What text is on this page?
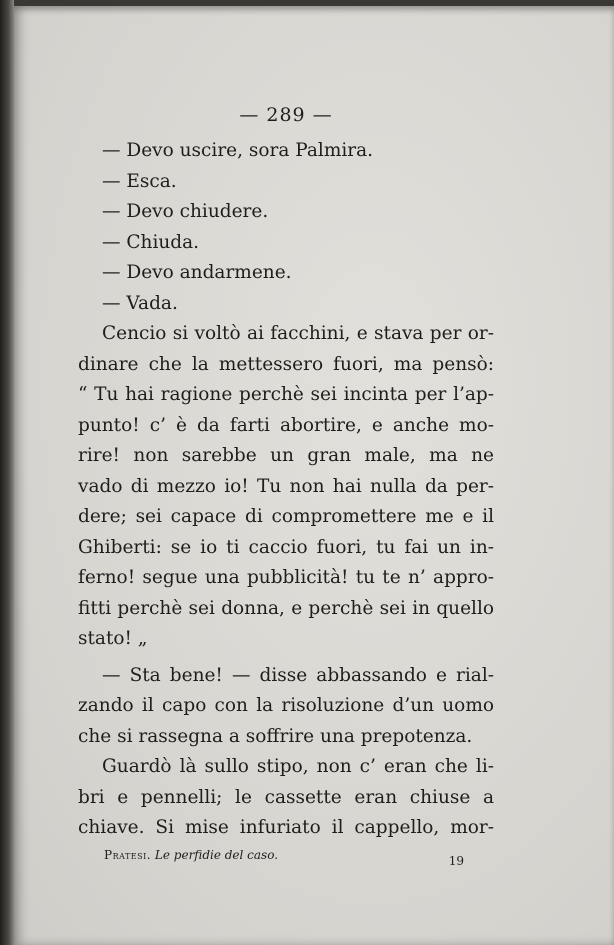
— 289 —
— Devo uscire, sora Palmira.
— Esca.
— Devo chiudere.
— Chiuda.
— Devo andarmene.
— Vada.
Cencio si voltò ai facchini, e stava per or-
dinare che la mettessero fuori, ma pensò:
“ Tu hai ragione perchè sei incinta per l’ap-
punto! c’ è da farti abortire, e anche mo-
rire! non sarebbe un gran male, ma ne
vado di mezzo io! Tu non hai nulla da per-
dere; sei capace di compromettere me e il
Ghiberti: se io ti caccio fuori, tu fai un in-
ferno! segue una pubblicità! tu te n’ appro-
fitti perchè sei donna, e perchè sei in quello
stato! „
— Sta bene! — disse abbassando e rial-
zando il capo con la risoluzione d’un uomo
che si rassegna a soffrire una prepotenza.
Guardò là sullo stipo, non c’ eran che li-
bri e pennelli; le cassette eran chiuse a
chiave. Si mise infuriato il cappello, mor-
Pratesi. Le perfidie del caso.	19
